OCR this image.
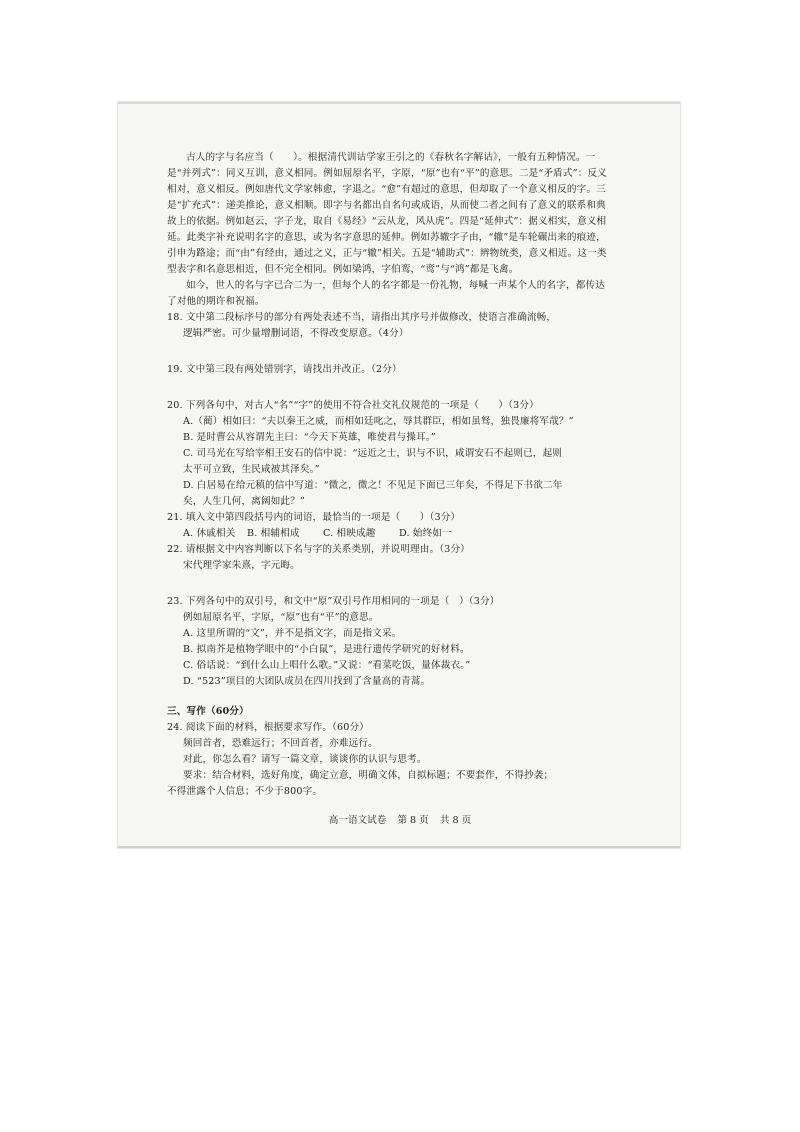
古人的字与名应当（　　）。根据清代训诂学家王引之的《春秋名字解诂》，一般有五种情况。一是“并列式”：同义互训，意义相同。例如屈原名平，字原，“原”也有“平”的意思。二是“矛盾式”：反义相对，意义相反。例如唐代文学家韩愈，字退之。“愈”有超过的意思，但却取了一个意义相反的字。三是“扩充式”：递美推论，意义相顺。即字与名都出自名句或成语，从而使二者之间有了意义的联系和典故上的依据。例如赵云，字子龙，取自《易经》“云从龙，风从虎”。四是“延伸式”：据义相实，意义相延。此类字补充说明名字的意思，或为名字意思的延伸。例如苏辙字子由，“辙”是车轮碾出来的痕迹，引申为路途；而“由”有经由，通过之义，正与“辙”相关。五是“辅助式”：辨物统类，意义相近。这一类型表字和名意思相近，但不完全相同。例如梁鸿，字伯鸾，“鸾”与“鸿”都是飞禽。

如今，世人的名与字已合二为一，但每个人的名字都是一份礼物，每喊一声某个人的名字，都传达了对他的期许和祝福。

18. 文中第二段标序号的部分有两处表述不当，请指出其序号并做修改，使语言准确流畅，

逻辑严密。可少量增删词语，不得改变原意。（4分）

19. 文中第三段有两处错别字，请找出并改正。（2分）

20. 下列各句中，对古人“名”“字”的使用不符合社交礼仪规范的一项是（　　）（3分）

A.（蔺）相如曰：“夫以秦王之威，而相如廷叱之，辱其群臣，相如虽驽，独畏廉将军哉？”

B. 是时曹公从容谓先主曰：“今天下英雄，唯使君与操耳。”

C. 司马光在写给宰相王安石的信中说：“远近之士，识与不识，咸谓安石不起则已，起则

太平可立致，生民咸被其泽矣。”

D. 白居易在给元稹的信中写道：“微之，微之！不见足下面已三年矣，不得足下书欲二年

矣，人生几何，离阔如此？”

21. 填入文中第四段括号内的词语，最恰当的一项是（　　）（3分）

A. 休戚相关	B. 相辅相成	C. 相映成趣	D. 始终如一

22. 请根据文中内容判断以下名与字的关系类别，并说明理由。（3分）

宋代理学家朱熹，字元晦。

23. 下列各句中的双引号，和文中“原”双引号作用相同的一项是（　）（3分）

例如屈原名平，字原，“原”也有“平”的意思。

A. 这里所谓的“文”，并不是指文字，而是指文采。

B. 拟南芥是植物学眼中的“小白鼠”，是进行遗传学研究的好材料。

C. 俗话说：“到什么山上唱什么歌。”又说：“看菜吃饭，量体裁衣。”

D. “523”项目的大团队成员在四川找到了含量高的青蒿。

三、写作（60分）

24. 阅读下面的材料，根据要求写作。（60分）

频回首者，恐难远行；不回首者，亦难远行。

对此，你怎么看？请写一篇文章，谈谈你的认识与思考。

要求：结合材料，选好角度，确定立意，明确文体，自拟标题；不要套作，不得抄袭；

不得泄露个人信息；不少于800字。

高一语文试卷 第 8 页 共 8 页
